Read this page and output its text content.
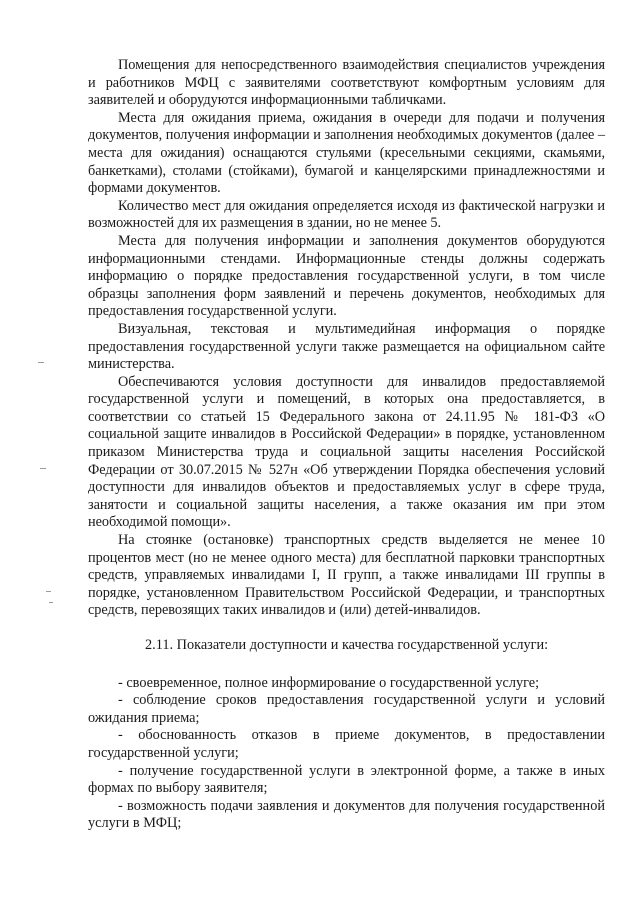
Помещения для непосредственного взаимодействия специалистов учреждения и работников МФЦ с заявителями соответствуют комфортным условиям для заявителей и оборудуются информационными табличками.

Места для ожидания приема, ожидания в очереди для подачи и получения документов, получения информации и заполнения необходимых документов (далее – места для ожидания) оснащаются стульями (кресельными секциями, скамьями, банкетками), столами (стойками), бумагой и канцелярскими принадлежностями и формами документов.

Количество мест для ожидания определяется исходя из фактической нагрузки и возможностей для их размещения в здании, но не менее 5.

Места для получения информации и заполнения документов оборудуются информационными стендами. Информационные стенды должны содержать информацию о порядке предоставления государственной услуги, в том числе образцы заполнения форм заявлений и перечень документов, необходимых для предоставления государственной услуги.

Визуальная, текстовая и мультимедийная информация о порядке предоставления государственной услуги также размещается на официальном сайте министерства.

Обеспечиваются условия доступности для инвалидов предоставляемой государственной услуги и помещений, в которых она предоставляется, в соответствии со статьей 15 Федерального закона от 24.11.95 № 181-ФЗ «О социальной защите инвалидов в Российской Федерации» в порядке, установленном приказом Министерства труда и социальной защиты населения Российской Федерации от 30.07.2015 № 527н «Об утверждении Порядка обеспечения условий доступности для инвалидов объектов и предоставляемых услуг в сфере труда, занятости и социальной защиты населения, а также оказания им при этом необходимой помощи».

На стоянке (остановке) транспортных средств выделяется не менее 10 процентов мест (но не менее одного места) для бесплатной парковки транспортных средств, управляемых инвалидами I, II групп, а также инвалидами III группы в порядке, установленном Правительством Российской Федерации, и транспортных средств, перевозящих таких инвалидов и (или) детей-инвалидов.

2.11. Показатели доступности и качества государственной услуги:

- своевременное, полное информирование о государственной услуге;

- соблюдение сроков предоставления государственной услуги и условий ожидания приема;

- обоснованность отказов в приеме документов, в предоставлении государственной услуги;

- получение государственной услуги в электронной форме, а также в иных формах по выбору заявителя;

- возможность подачи заявления и документов для получения государственной услуги в МФЦ;
